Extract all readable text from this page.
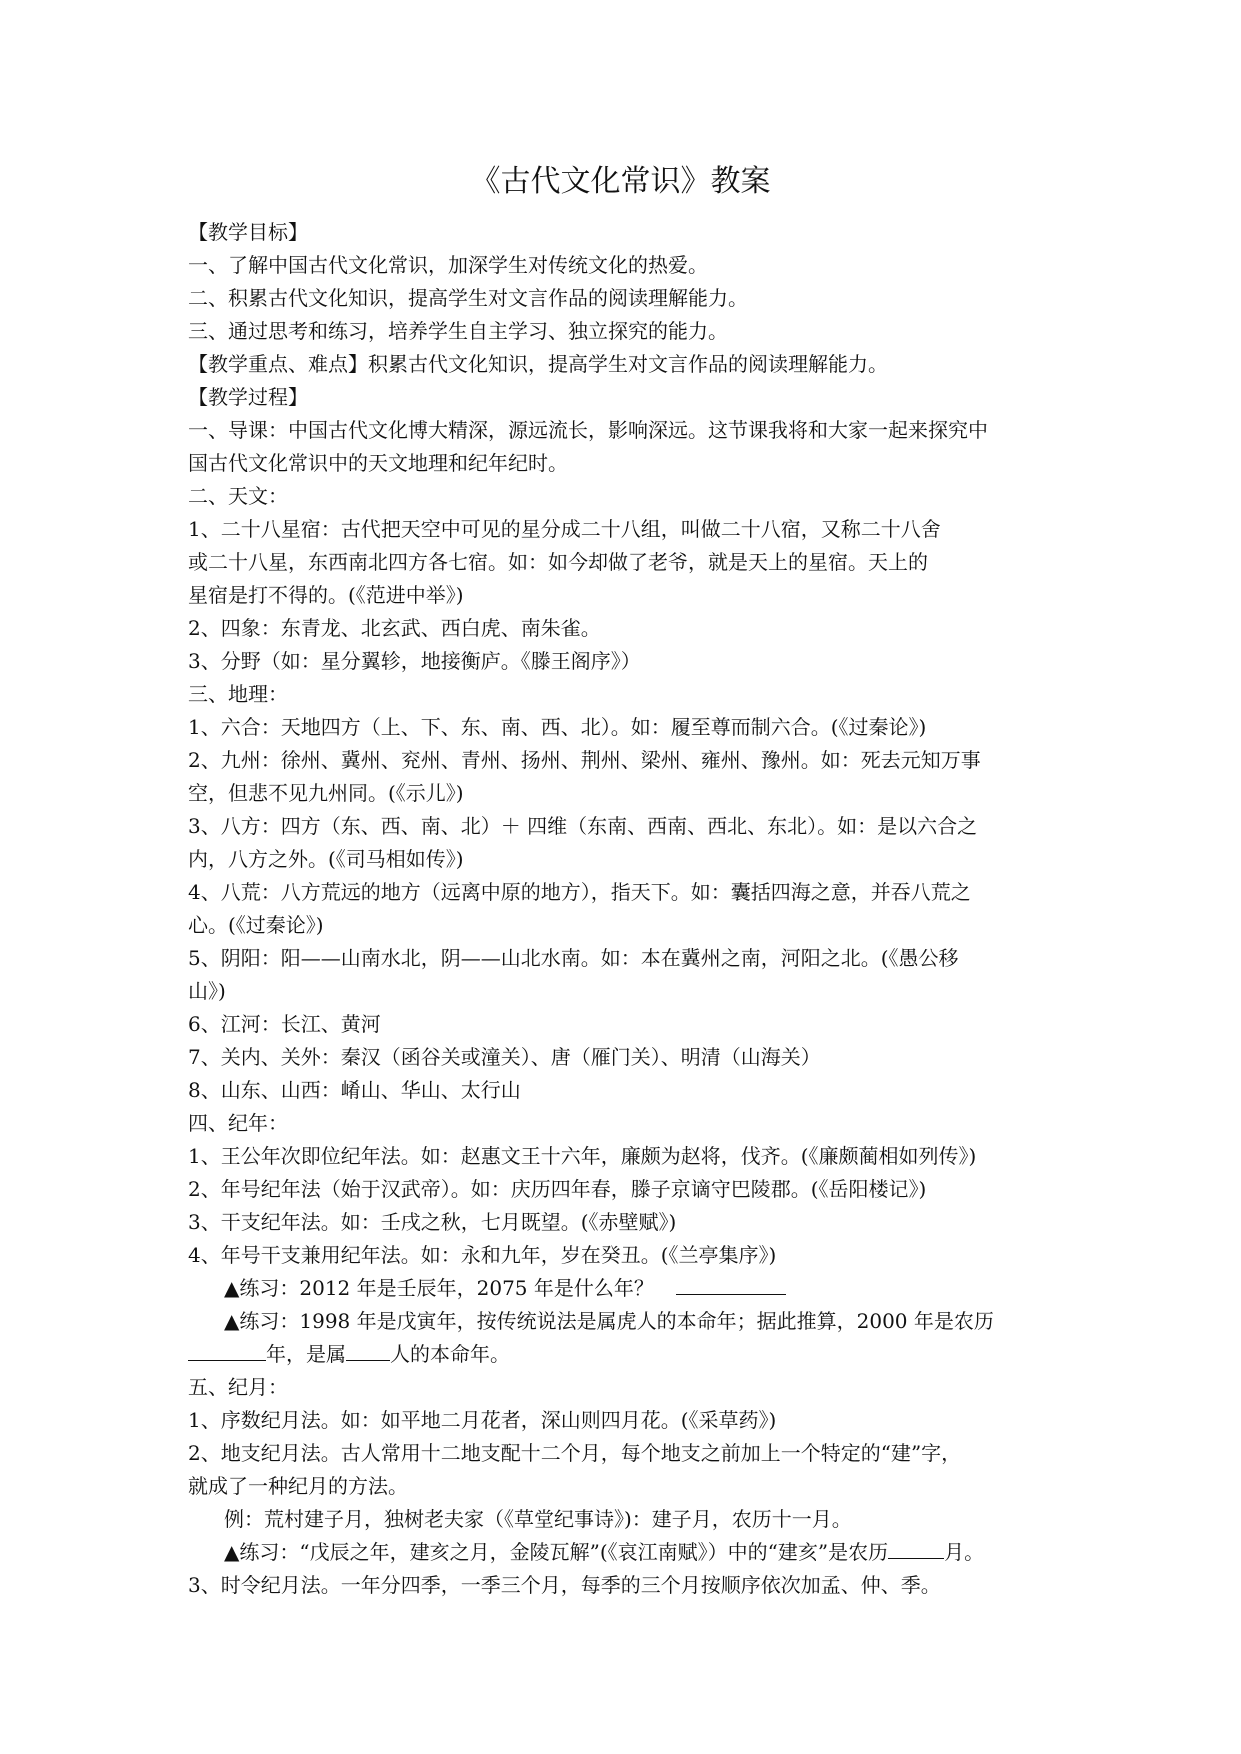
《古代文化常识》教案
【教学目标】
一、了解中国古代文化常识，加深学生对传统文化的热爱。
二、积累古代文化知识，提高学生对文言作品的阅读理解能力。
三、通过思考和练习，培养学生自主学习、独立探究的能力。
【教学重点、难点】积累古代文化知识，提高学生对文言作品的阅读理解能力。
【教学过程】
一、导课：中国古代文化博大精深，源远流长，影响深远。这节课我将和大家一起来探究中
国古代文化常识中的天文地理和纪年纪时。
二、天文：
1、二十八星宿：古代把天空中可见的星分成二十八组，叫做二十八宿，又称二十八舍
或二十八星，东西南北四方各七宿。如：如今却做了老爷，就是天上的星宿。天上的
星宿是打不得的。(《范进中举》)
2、四象：东青龙、北玄武、西白虎、南朱雀。
3、分野（如：星分翼轸，地接衡庐。《滕王阁序》）
三、地理：
1、六合：天地四方（上、下、东、南、西、北）。如：履至尊而制六合。(《过秦论》)
2、九州：徐州、冀州、兖州、青州、扬州、荆州、梁州、雍州、豫州。如：死去元知万事
空，但悲不见九州同。(《示儿》)
3、八方：四方（东、西、南、北）＋ 四维（东南、西南、西北、东北）。如：是以六合之
内，八方之外。(《司马相如传》)
4、八荒：八方荒远的地方（远离中原的地方），指天下。如：囊括四海之意，并吞八荒之
心。(《过秦论》)
5、阴阳：阳——山南水北，阴——山北水南。如：本在冀州之南，河阳之北。(《愚公移
山》)
6、江河：长江、黄河
7、关内、关外：秦汉（函谷关或潼关）、唐（雁门关）、明清（山海关）
8、山东、山西：崤山、华山、太行山
四、纪年：
1、王公年次即位纪年法。如：赵惠文王十六年，廉颇为赵将，伐齐。(《廉颇蔺相如列传》)
2、年号纪年法（始于汉武帝）。如：庆历四年春，滕子京谪守巴陵郡。(《岳阳楼记》)
3、干支纪年法。如：壬戌之秋，七月既望。(《赤壁赋》)
4、年号干支兼用纪年法。如：永和九年，岁在癸丑。(《兰亭集序》)
▲练习：2012 年是壬辰年，2075 年是什么年？
▲练习：1998 年是戊寅年，按传统说法是属虎人的本命年；据此推算，2000 年是农历
年，是属 人的本命年。
五、纪月：
1、序数纪月法。如：如平地二月花者，深山则四月花。(《采草药》)
2、地支纪月法。古人常用十二地支配十二个月，每个地支之前加上一个特定的“建”字，
就成了一种纪月的方法。
例：荒村建子月，独树老夫家（《草堂纪事诗》)：建子月，农历十一月。
▲练习：“戊辰之年，建亥之月，金陵瓦解”(《哀江南赋》）中的“建亥”是农历	月。
3、时令纪月法。一年分四季，一季三个月，每季的三个月按顺序依次加孟、仲、季。
